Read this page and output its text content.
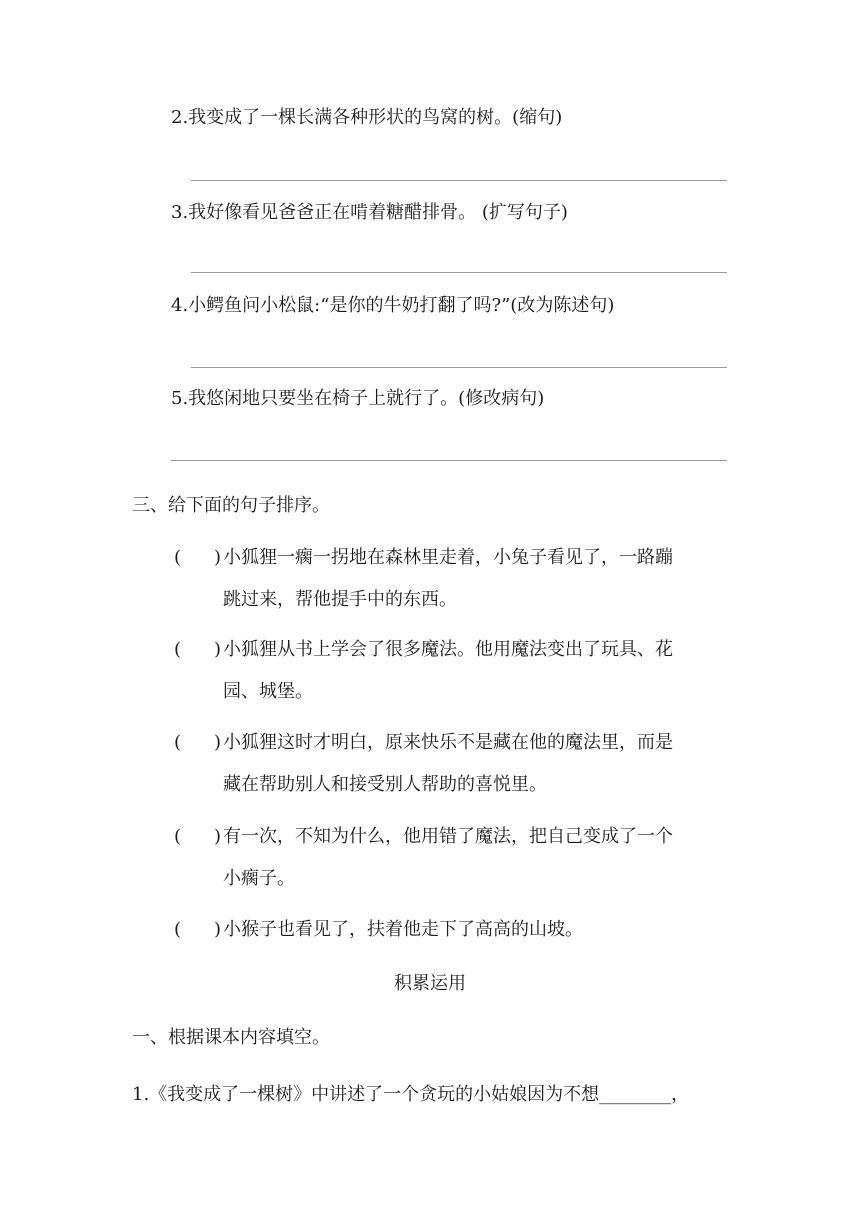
2.我变成了一棵长满各种形状的鸟窝的树。(缩句)
3.我好像看见爸爸正在啃着糖醋排骨。 (扩写句子)
4.小鳄鱼问小松鼠:“是你的牛奶打翻了吗?”(改为陈述句)
5.我悠闲地只要坐在椅子上就行了。(修改病句)
三、给下面的句子排序。
( ) 小狐狸一瘸一拐地在森林里走着，小兔子看见了，一路蹦
跳过来，帮他提手中的东西。
( ) 小狐狸从书上学会了很多魔法。他用魔法变出了玩具、花
园、城堡。
( ) 小狐狸这时才明白，原来快乐不是藏在他的魔法里，而是
藏在帮助别人和接受别人帮助的喜悦里。
( ) 有一次，不知为什么，他用错了魔法，把自己变成了一个
小瘸子。
( ) 小猴子也看见了，扶着他走下了高高的山坡。
积累运用
一、根据课本内容填空。
1.《我变成了一棵树》中讲述了一个贪玩的小姑娘因为不想________，
